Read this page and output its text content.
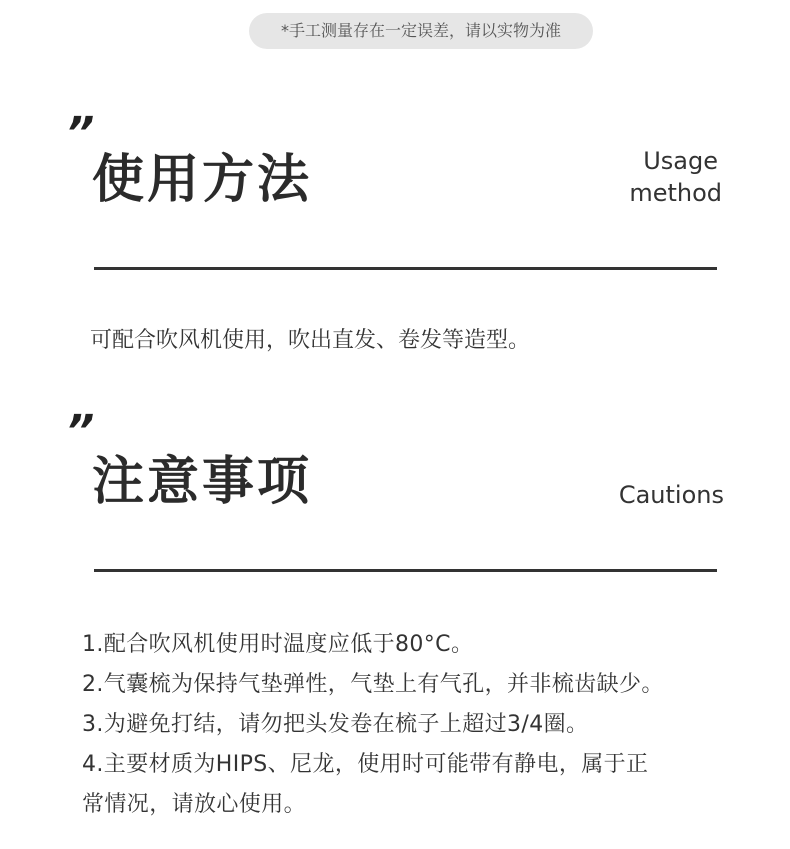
*手工测量存在一定误差，请以实物为准
”
使用方法	Usage
method
可配合吹风机使用，吹出直发、卷发等造型。
”
注意事项	Cautions
1.配合吹风机使用时温度应低于80°C。
2.气囊梳为保持气垫弹性，气垫上有气孔，并非梳齿缺少。
3.为避免打结，请勿把头发卷在梳子上超过3/4圈。
4.主要材质为HIPS、尼龙，使用时可能带有静电，属于正
常情况，请放心使用。
